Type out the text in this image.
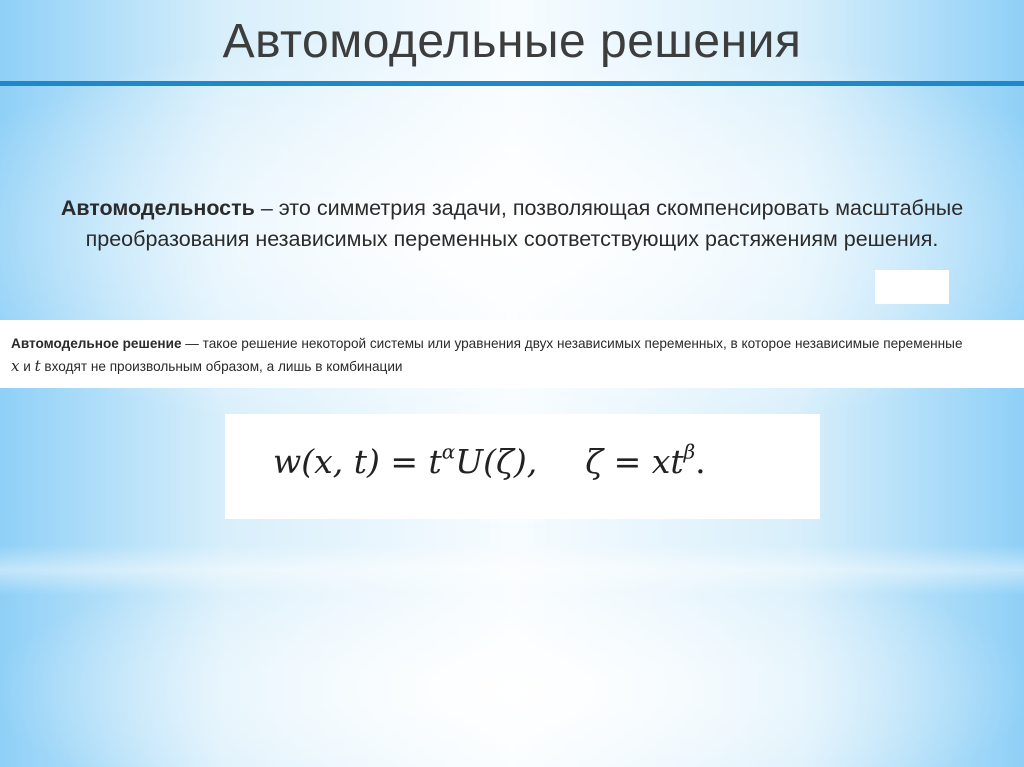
Автомодельные решения
Автомодельность – это симметрия задачи, позволяющая скомпенсировать масштабные преобразования независимых переменных соответствующих растяжениям решения.
Автомодельное решение — такое решение некоторой системы или уравнения двух независимых переменных, в которое независимые переменные
x и t входят не произвольным образом, а лишь в комбинации
w(x, $t) = t^\alpha U(\zeta)$, $\zeta = xt^\beta$.
